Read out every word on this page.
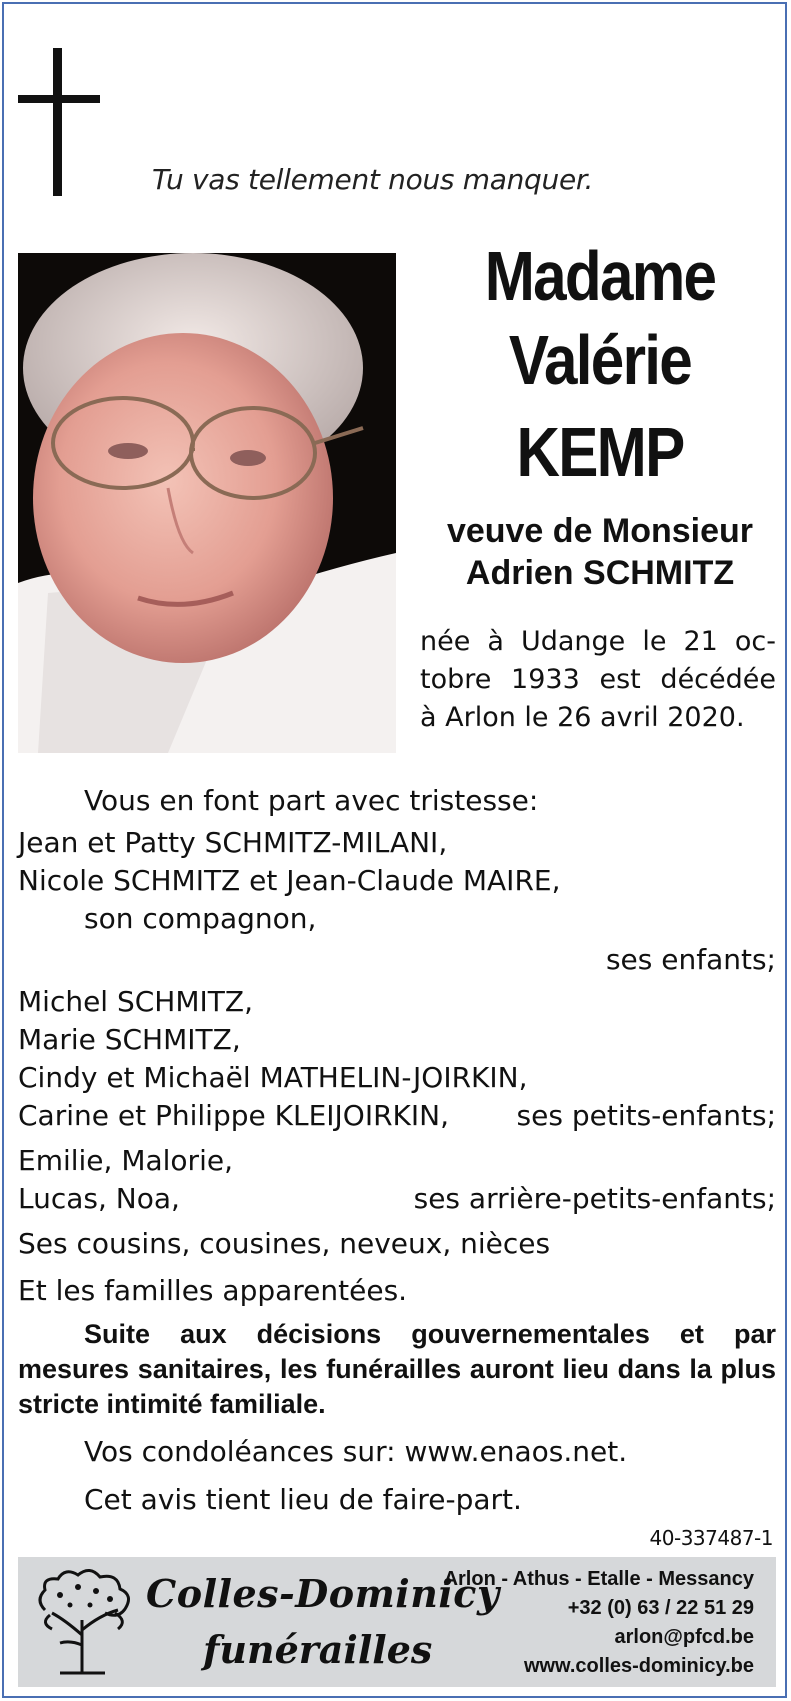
Tu vas tellement nous manquer.
Madame
Valérie
KEMP
veuve de Monsieur
Adrien SCHMITZ
née à Udange le 21 oc-
tobre 1933 est décédée
à Arlon le 26 avril 2020.
Vous en font part avec tristesse:
Jean et Patty SCHMITZ-MILANI,
Nicole SCHMITZ et Jean-Claude MAIRE,
son compagnon,
ses enfants;
Michel SCHMITZ,
Marie SCHMITZ,
Cindy et Michaël MATHELIN-JOIRKIN,
Carine et Philippe KLEIJOIRKIN, ses petits-enfants;
Emilie, Malorie,
Lucas, Noa,	ses arrière-petits-enfants;
Ses cousins, cousines, neveux, nièces
Et les familles apparentées.
Suite aux décisions gouvernementales et par mesures sanitaires, les funérailles auront lieu dans la plus stricte intimité familiale.
Vos condoléances sur: www.enaos.net.
Cet avis tient lieu de faire-part.
40-337487-1
Colles-Dominicy
funérailles
Arlon - Athus - Etalle - Messancy
+32 (0) 63 / 22 51 29
arlon@pfcd.be
www.colles-dominicy.be
